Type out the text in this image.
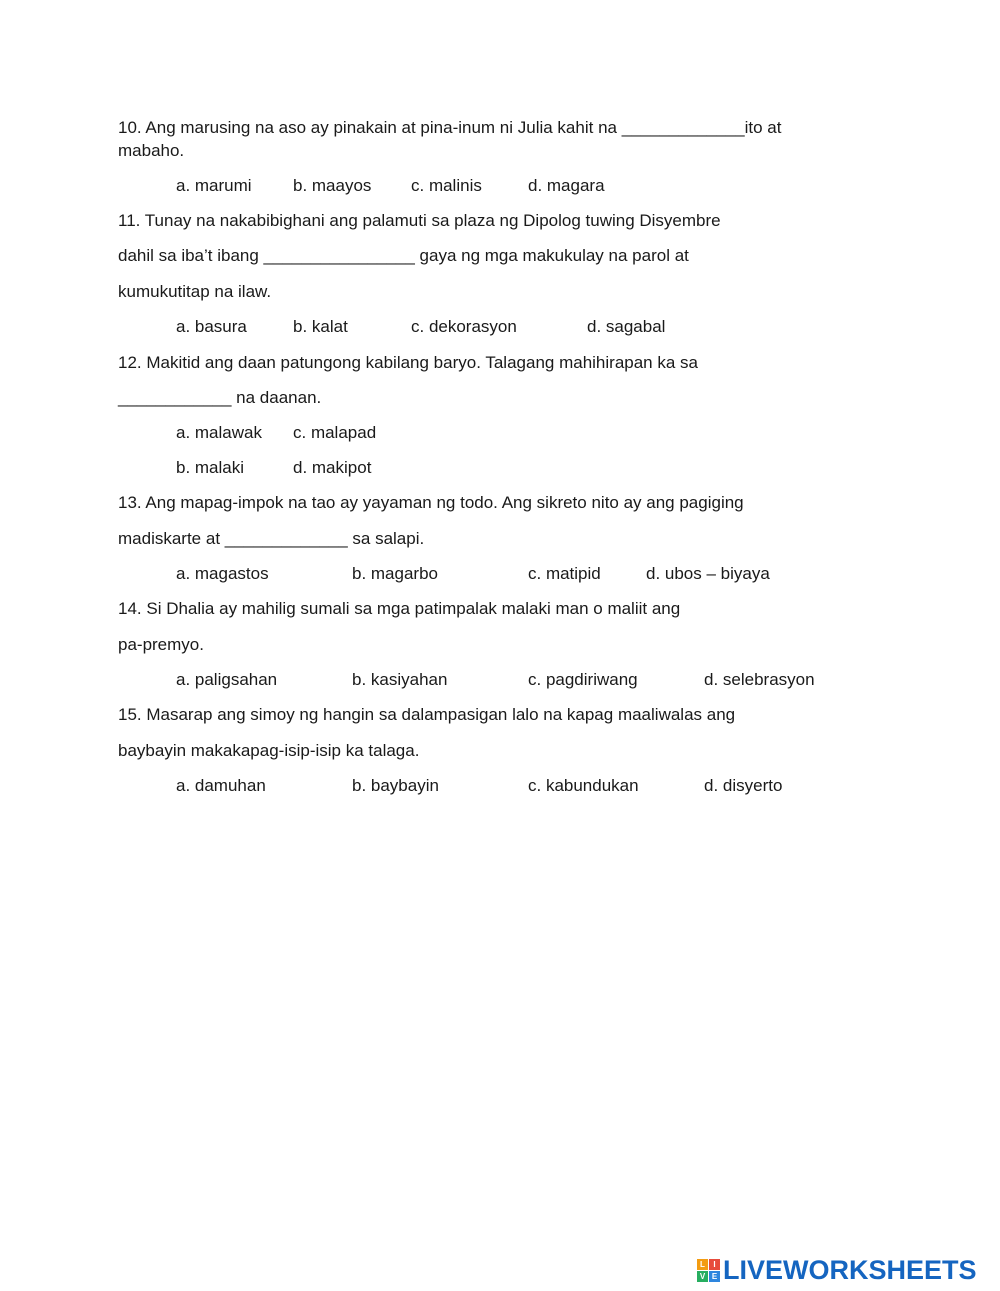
10. Ang marusing na aso ay pinakain at pina-inum ni Julia kahit na _____________ito at
mabaho.
a. marumi b. maayos c. malinis	d. magara
11. Tunay na nakabibighani ang palamuti sa plaza ng Dipolog tuwing Disyembre
dahil sa iba’t ibang ________________ gaya ng mga makukulay na parol at
kumukutitap na ilaw.
a. basura	b. kalat	c. dekorasyon	d. sagabal
12. Makitid ang daan patungong kabilang baryo. Talagang mahihirapan ka sa
____________ na daanan.
a. malawak c. malapad
b. malaki	d. makipot
13. Ang mapag-impok na tao ay yayaman ng todo. Ang sikreto nito ay ang pagiging
madiskarte at _____________ sa salapi.
a. magastos	b. magarbo	c. matipid	d. ubos – biyaya
14. Si Dhalia ay mahilig sumali sa mga patimpalak malaki man o maliit ang
pa-premyo.
a. paligsahan	b. kasiyahan	c. pagdiriwang	d. selebrasyon
15. Masarap ang simoy ng hangin sa dalampasigan lalo na kapag maaliwalas ang
baybayin makakapag-isip-isip ka talaga.
a. damuhan	b. baybayin	c. kabundukan	d. disyerto
L	I
V E LIVEWORKSHEETS
